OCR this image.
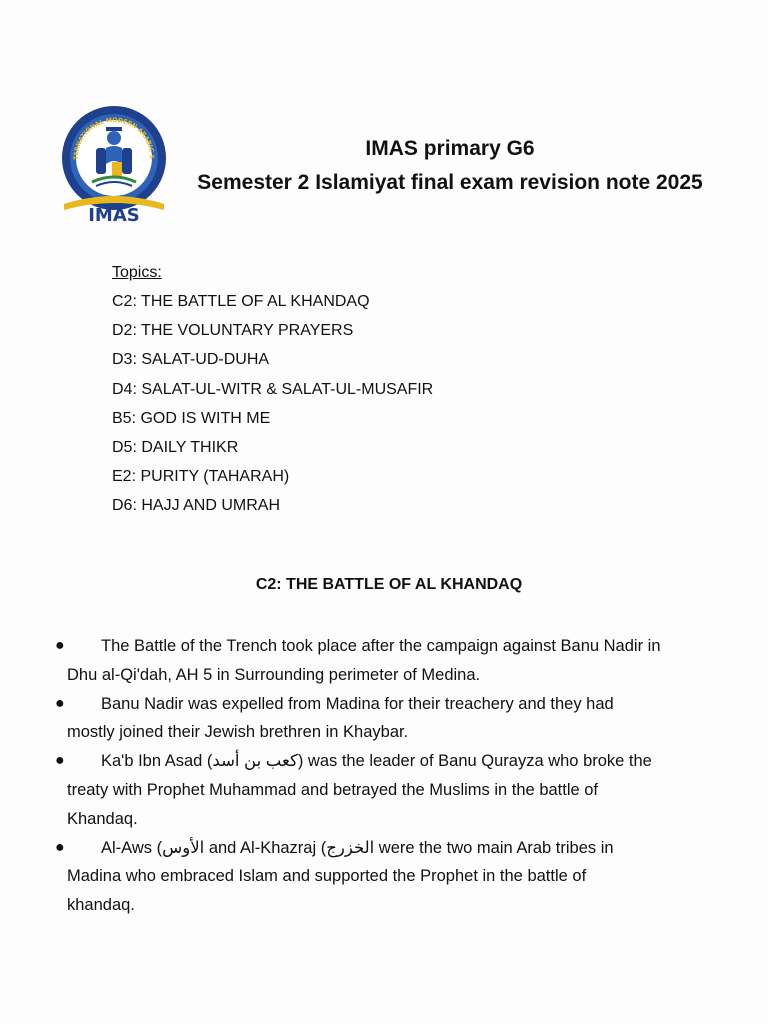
TERNATIONAL MODERN ARABIC S
IMAS
IMAS primary G6
Semester 2 Islamiyat final exam revision note 2025
Topics:
C2: THE BATTLE OF AL KHANDAQ
D2: THE VOLUNTARY PRAYERS
D3: SALAT-UD-DUHA
D4: SALAT-UL-WITR & SALAT-UL-MUSAFIR
B5: GOD IS WITH ME
D5: DAILY THIKR
E2: PURITY (TAHARAH)
D6: HAJJ AND UMRAH
C2: THE BATTLE OF AL KHANDAQ
●	The Battle of the Trench took place after the campaign against Banu Nadir in
Dhu al-Qi'dah, AH 5 in Surrounding perimeter of Medina.
●	Banu Nadir was expelled from Madina for their treachery and they had
mostly joined their Jewish brethren in Khaybar.
●	Ka'b Ibn Asad (كعب بن أسد) was the leader of Banu Qurayza who broke the
treaty with Prophet Muhammad and betrayed the Muslims in the battle of
Khandaq.
●	Al-Aws (الأوس and Al-Khazraj (الخزرج were the two main Arab tribes in
Madina who embraced Islam and supported the Prophet in the battle of
khandaq.
